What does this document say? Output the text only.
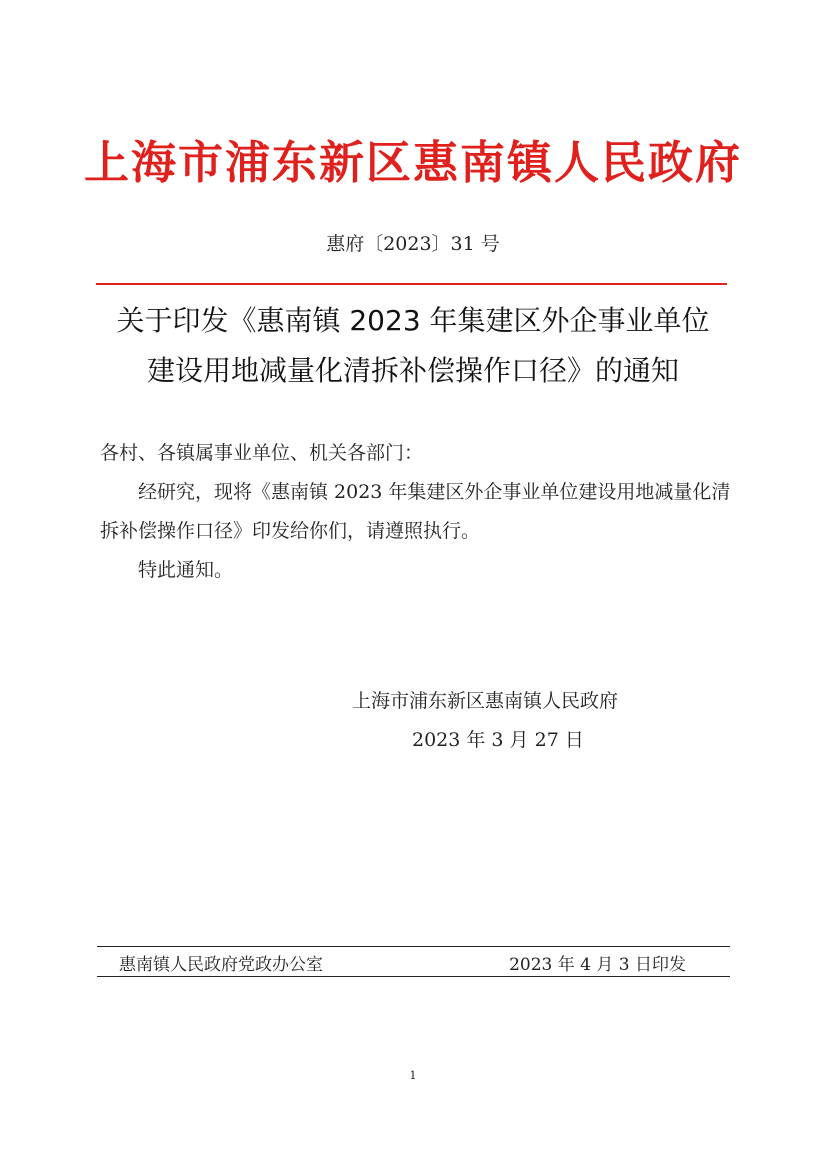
上海市浦东新区惠南镇人民政府
惠府〔2023〕31 号
关于印发《惠南镇 2023 年集建区外企事业单位
建设用地减量化清拆补偿操作口径》的通知
各村、各镇属事业单位、机关各部门：

经研究，现将《惠南镇 2023 年集建区外企事业单位建设用地减量化清拆补偿操作口径》印发给你们，请遵照执行。

特此通知。

上海市浦东新区惠南镇人民政府
2023 年 3 月 27 日
惠南镇人民政府党政办公室	2023 年 4 月 3 日印发
1
